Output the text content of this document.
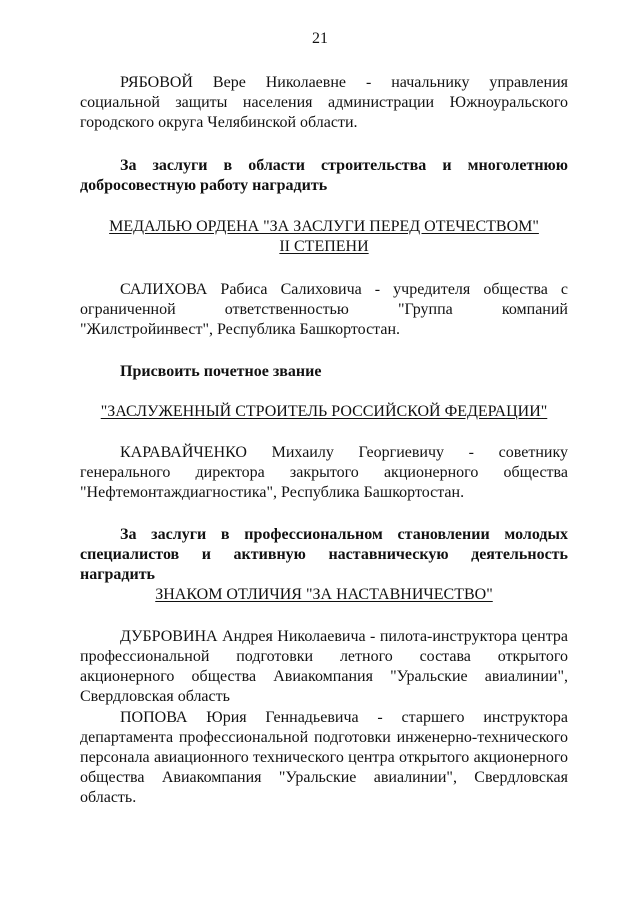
21

РЯБОВОЙ Вере Николаевне - начальнику управления социальной защиты населения администрации Южноуральского городского округа Челябинской области.

За заслуги в области строительства и многолетнюю добросовестную работу наградить

МЕДАЛЬЮ ОРДЕНА "ЗА ЗАСЛУГИ ПЕРЕД ОТЕЧЕСТВОМ"
II СТЕПЕНИ

САЛИХОВА Рабиса Салиховича - учредителя общества с ограниченной ответственностью "Группа компаний "Жилстройинвест", Республика Башкортостан.

Присвоить почетное звание

"ЗАСЛУЖЕННЫЙ СТРОИТЕЛЬ РОССИЙСКОЙ ФЕДЕРАЦИИ"

КАРАВАЙЧЕНКО Михаилу Георгиевичу - советнику генерального директора закрытого акционерного общества "Нефтемонтаждиагностика", Республика Башкортостан.

За заслуги в профессиональном становлении молодых специалистов и активную наставническую деятельность наградить

ЗНАКОМ ОТЛИЧИЯ "ЗА НАСТАВНИЧЕСТВО"

ДУБРОВИНА Андрея Николаевича - пилота-инструктора центра профессиональной подготовки летного состава открытого акционерного общества Авиакомпания "Уральские авиалинии", Свердловская область

ПОПОВА Юрия Геннадьевича - старшего инструктора департамента профессиональной подготовки инженерно-технического персонала авиационного технического центра открытого акционерного общества Авиакомпания "Уральские авиалинии", Свердловская область.
